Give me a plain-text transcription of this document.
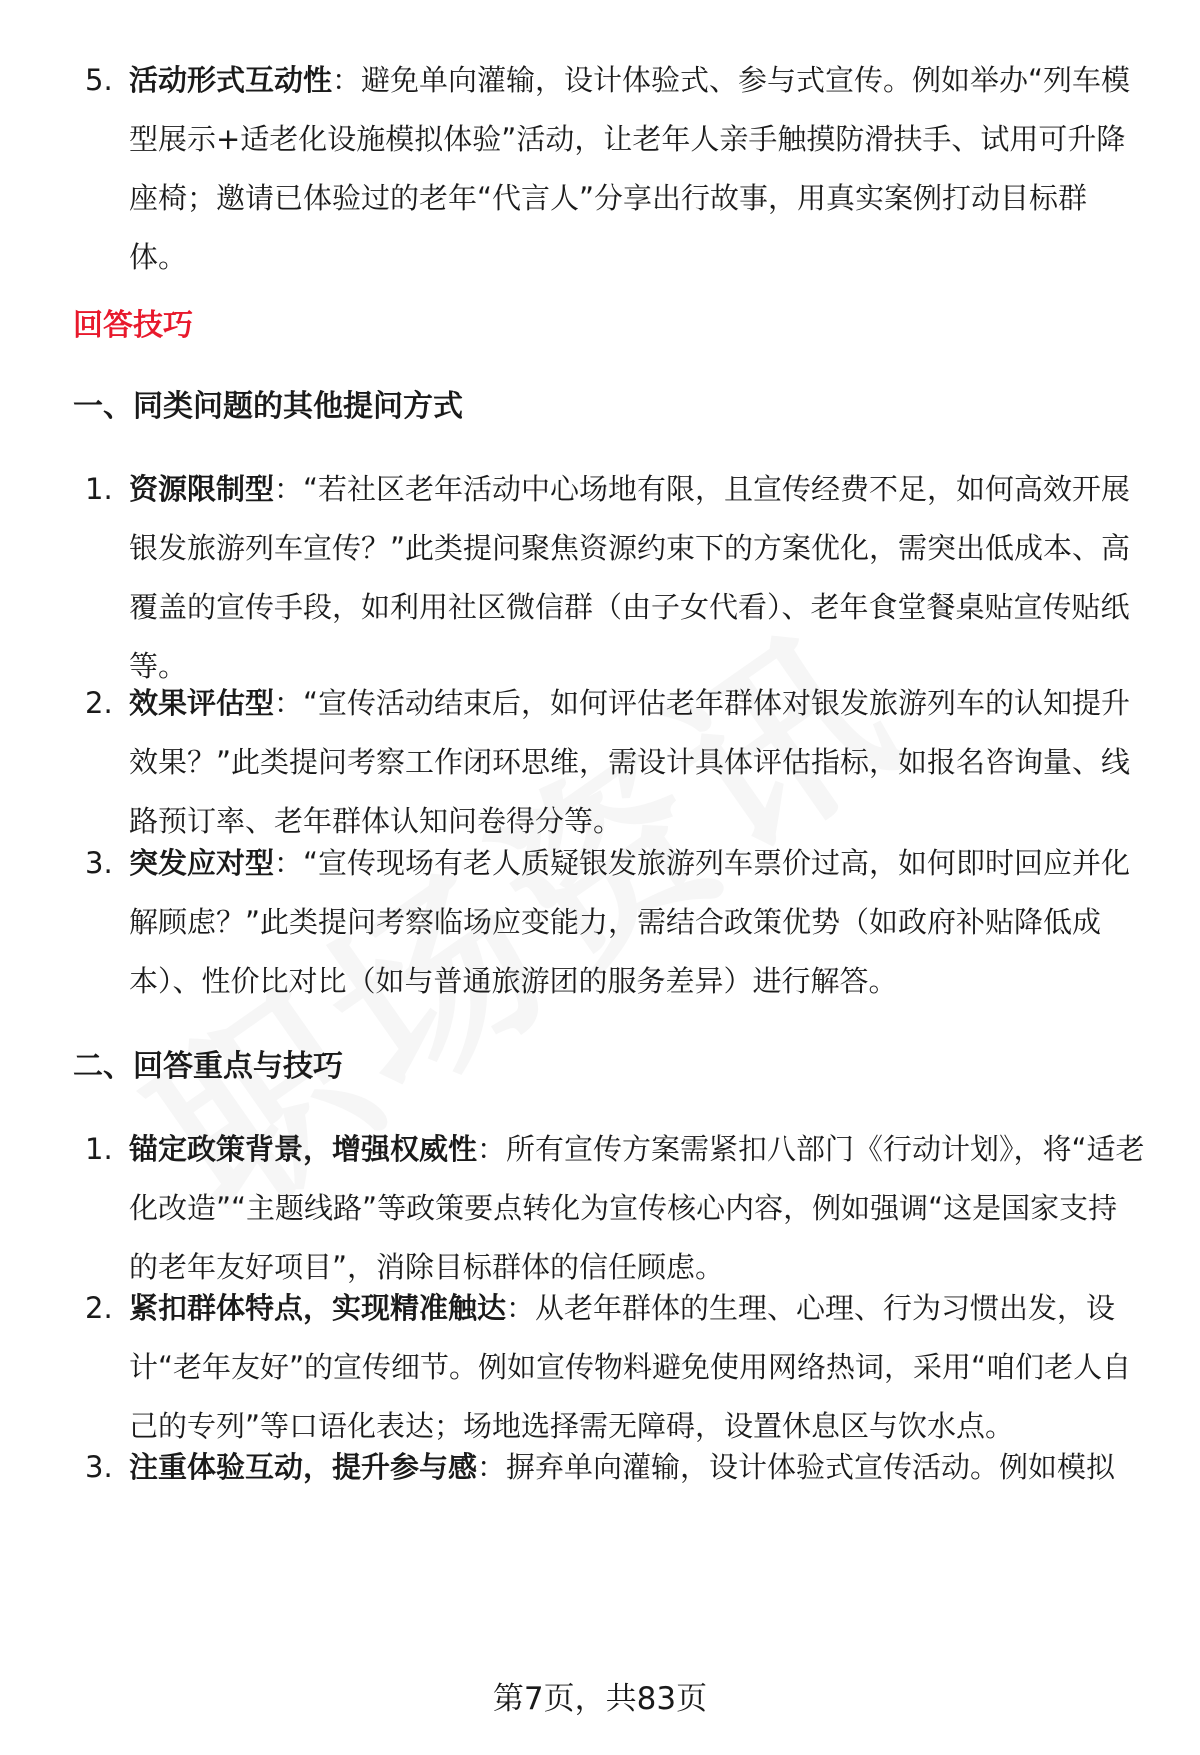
5. 活动形式互动性：避免单向灌输，设计体验式、参与式宣传。例如举办“列车模型展示+适老化设施模拟体验”活动，让老年人亲手触摸防滑扶手、试用可升降座椅；邀请已体验过的老年“代言人”分享出行故事，用真实案例打动目标群体。
回答技巧
一、同类问题的其他提问方式
1. 资源限制型：“若社区老年活动中心场地有限，且宣传经费不足，如何高效开展银发旅游列车宣传？”此类提问聚焦资源约束下的方案优化，需突出低成本、高覆盖的宣传手段，如利用社区微信群（由子女代看）、老年食堂餐桌贴宣传贴纸等。
2. 效果评估型：“宣传活动结束后，如何评估老年群体对银发旅游列车的认知提升效果？”此类提问考察工作闭环思维，需设计具体评估指标，如报名咨询量、线路预订率、老年群体认知问卷得分等。
3. 突发应对型：“宣传现场有老人质疑银发旅游列车票价过高，如何即时回应并化解顾虑？”此类提问考察临场应变能力，需结合政策优势（如政府补贴降低成本）、性价比对比（如与普通旅游团的服务差异）进行解答。
二、回答重点与技巧
1. 锚定政策背景，增强权威性：所有宣传方案需紧扣八部门《行动计划》，将“适老化改造”“主题线路”等政策要点转化为宣传核心内容，例如强调“这是国家支持的老年友好项目”，消除目标群体的信任顾虑。
2. 紧扣群体特点，实现精准触达：从老年群体的生理、心理、行为习惯出发，设计“老年友好”的宣传细节。例如宣传物料避免使用网络热词，采用“咱们老人自己的专列”等口语化表达；场地选择需无障碍，设置休息区与饮水点。
3. 注重体验互动，提升参与感：摒弃单向灌输，设计体验式宣传活动。例如模拟
第7页，共83页
